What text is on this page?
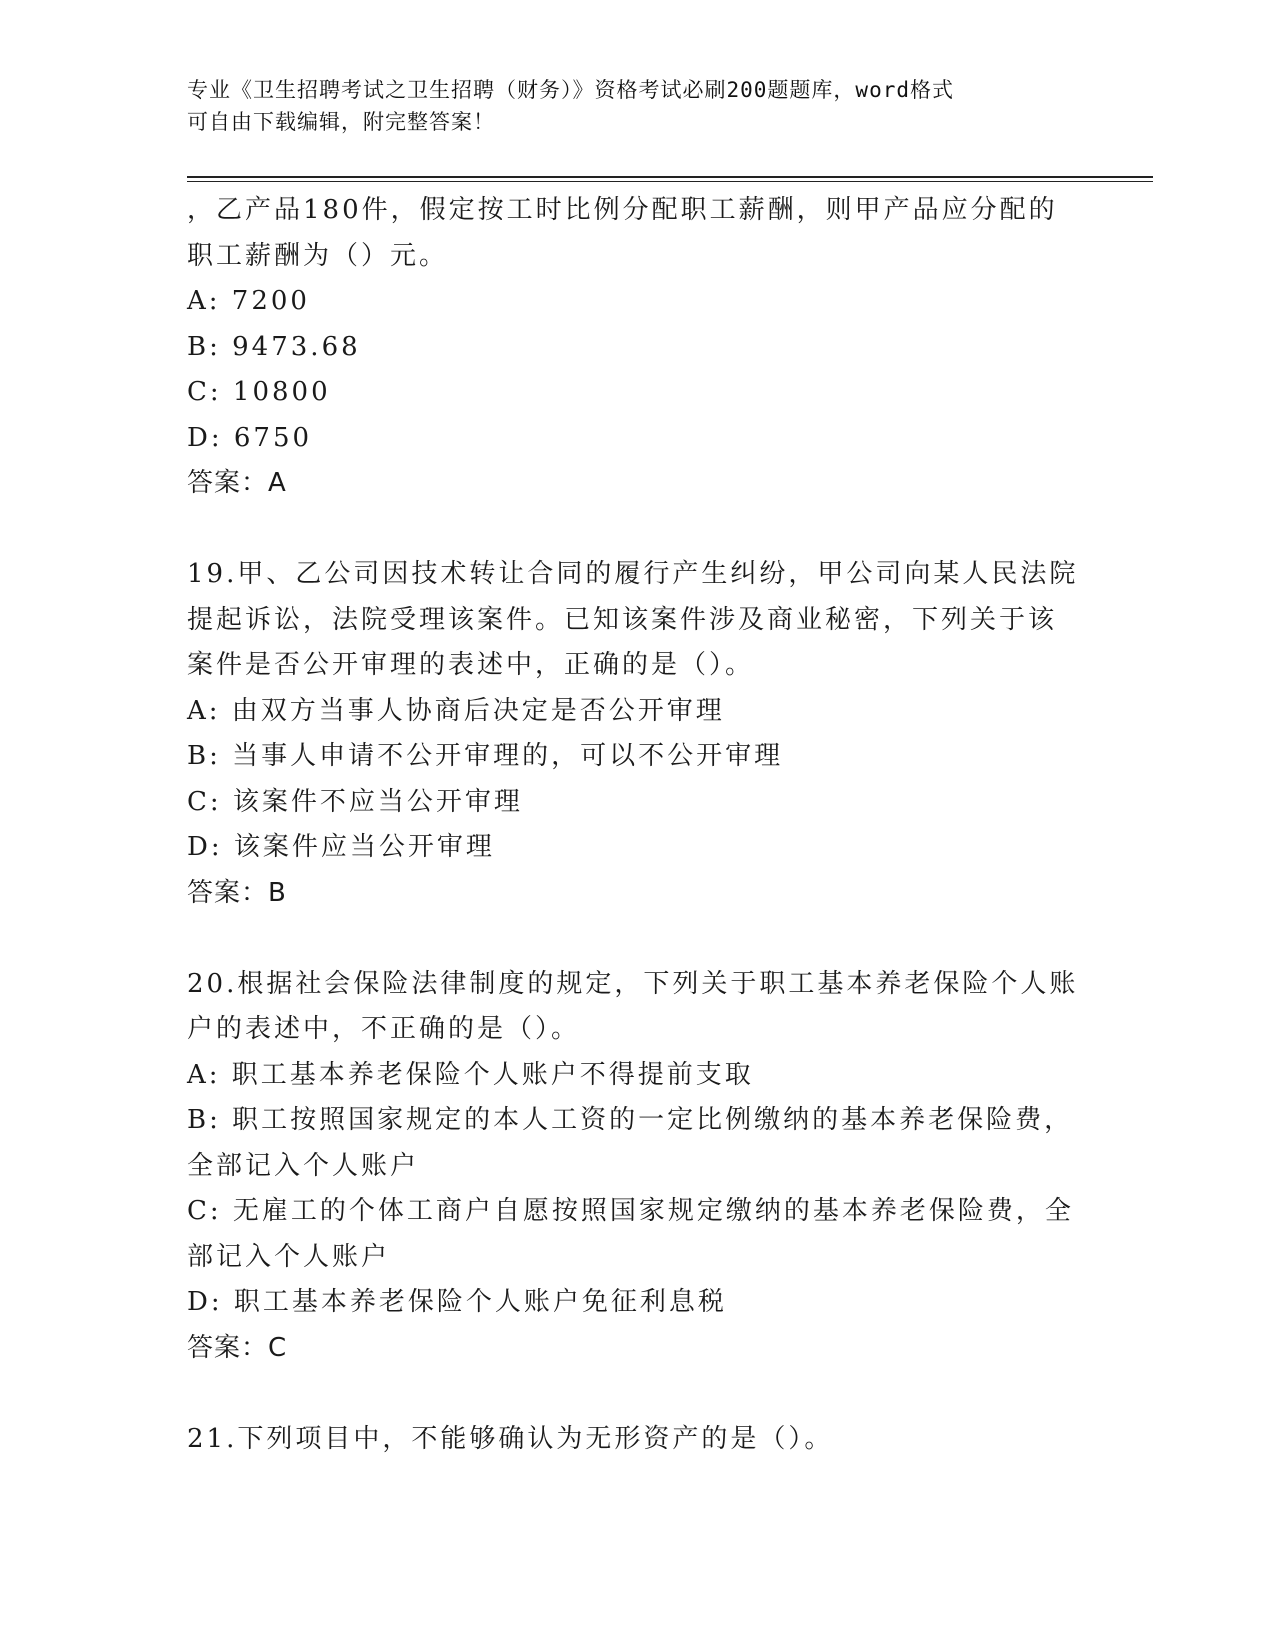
专业《卫生招聘考试之卫生招聘（财务）》资格考试必刷200题题库，word格式
可自由下载编辑，附完整答案！
，乙产品180件，假定按工时比例分配职工薪酬，则甲产品应分配的
职工薪酬为（）元。
A: 7200
B: 9473.68
C: 10800
D: 6750
答案：A
19.甲、乙公司因技术转让合同的履行产生纠纷，甲公司向某人民法院
提起诉讼，法院受理该案件。已知该案件涉及商业秘密，下列关于该
案件是否公开审理的表述中，正确的是（）。
A: 由双方当事人协商后决定是否公开审理
B: 当事人申请不公开审理的，可以不公开审理
C: 该案件不应当公开审理
D: 该案件应当公开审理
答案：B
20.根据社会保险法律制度的规定，下列关于职工基本养老保险个人账
户的表述中，不正确的是（）。
A: 职工基本养老保险个人账户不得提前支取
B: 职工按照国家规定的本人工资的一定比例缴纳的基本养老保险费，
全部记入个人账户
C: 无雇工的个体工商户自愿按照国家规定缴纳的基本养老保险费，全
部记入个人账户
D: 职工基本养老保险个人账户免征利息税
答案：C
21.下列项目中，不能够确认为无形资产的是（）。
